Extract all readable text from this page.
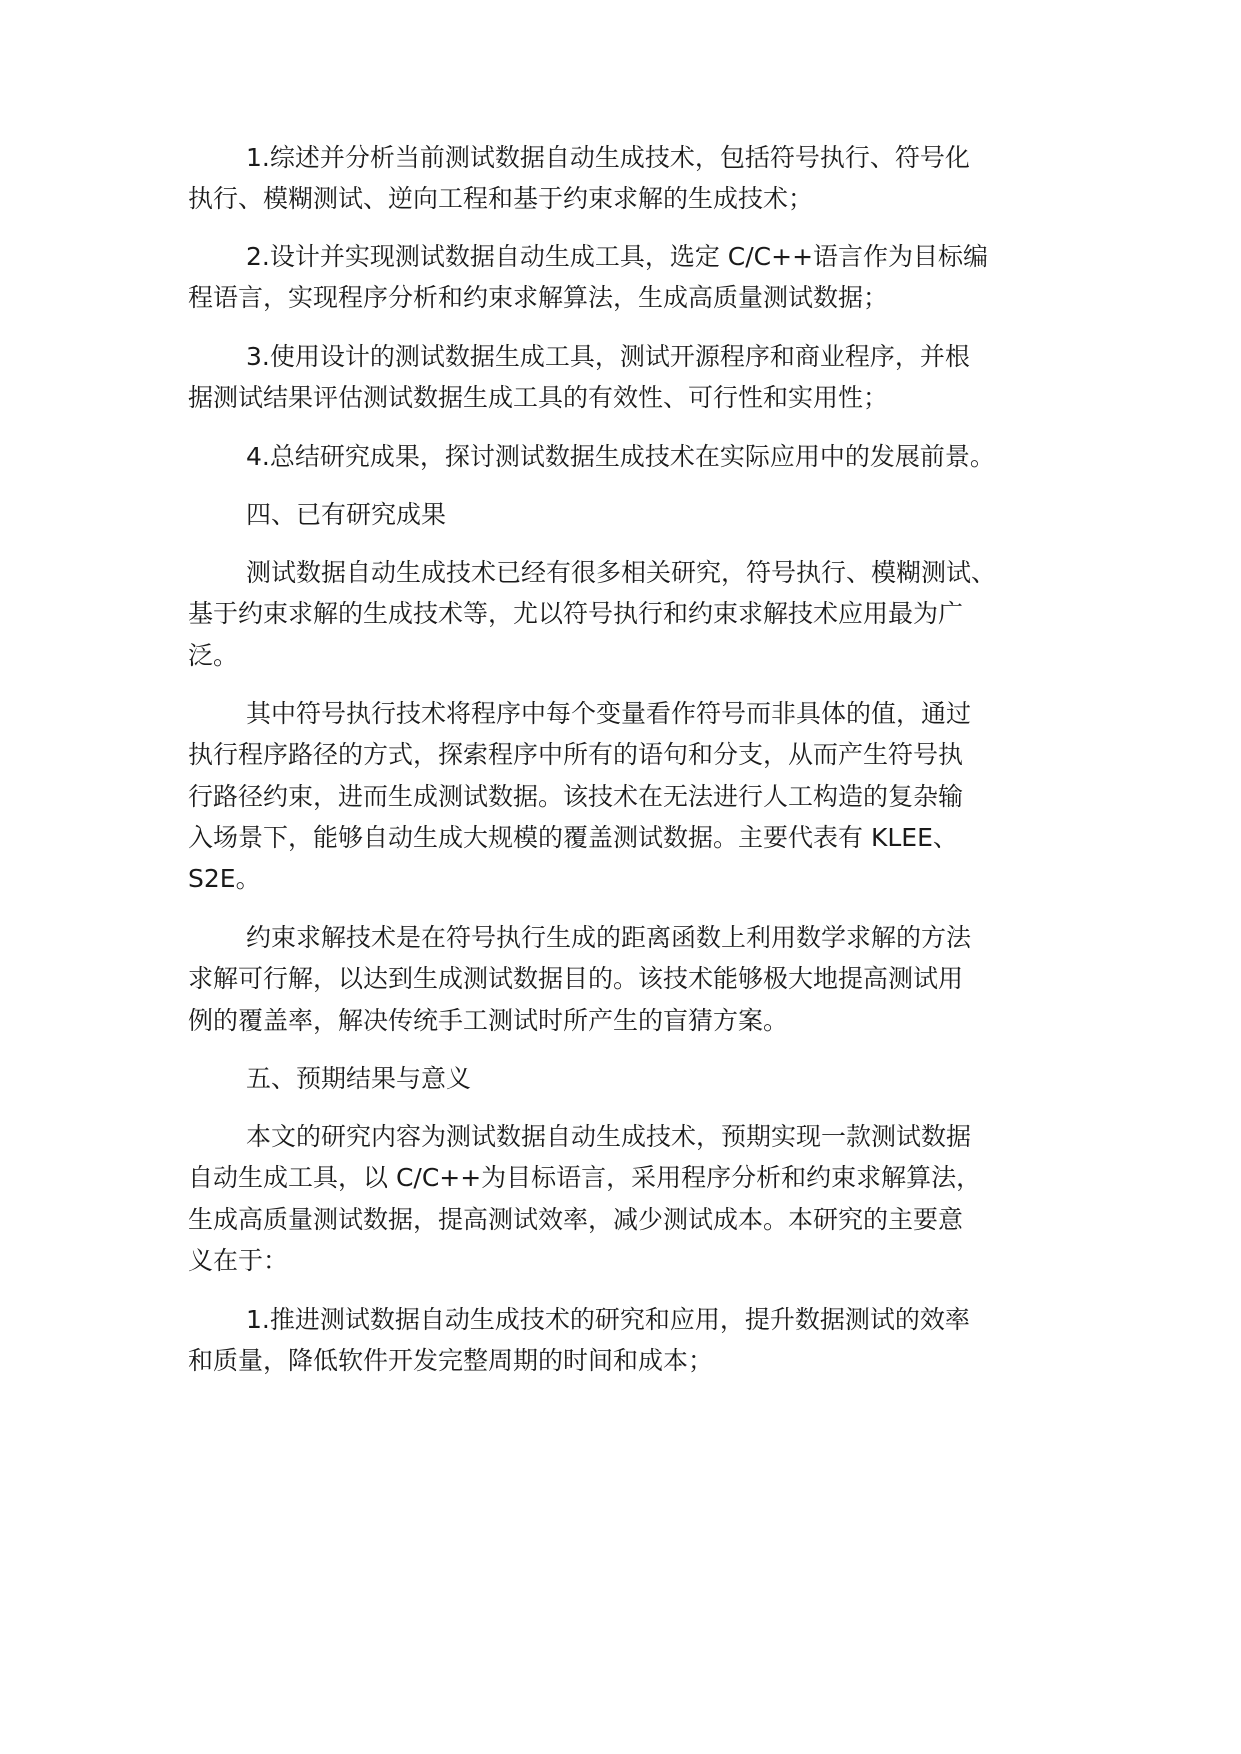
1.综述并分析当前测试数据自动生成技术，包括符号执行、符号化
执行、模糊测试、逆向工程和基于约束求解的生成技术；
2.设计并实现测试数据自动生成工具，选定 C/C++语言作为目标编
程语言，实现程序分析和约束求解算法，生成高质量测试数据；
3.使用设计的测试数据生成工具，测试开源程序和商业程序，并根
据测试结果评估测试数据生成工具的有效性、可行性和实用性；
4.总结研究成果，探讨测试数据生成技术在实际应用中的发展前景。
四、已有研究成果
测试数据自动生成技术已经有很多相关研究，符号执行、模糊测试、
基于约束求解的生成技术等，尤以符号执行和约束求解技术应用最为广
泛。
其中符号执行技术将程序中每个变量看作符号而非具体的值，通过
执行程序路径的方式，探索程序中所有的语句和分支，从而产生符号执
行路径约束，进而生成测试数据。该技术在无法进行人工构造的复杂输
入场景下，能够自动生成大规模的覆盖测试数据。主要代表有 KLEE、
S2E。
约束求解技术是在符号执行生成的距离函数上利用数学求解的方法
求解可行解，以达到生成测试数据目的。该技术能够极大地提高测试用
例的覆盖率，解决传统手工测试时所产生的盲猜方案。
五、预期结果与意义
本文的研究内容为测试数据自动生成技术，预期实现一款测试数据
自动生成工具，以 C/C++为目标语言，采用程序分析和约束求解算法，
生成高质量测试数据，提高测试效率，减少测试成本。本研究的主要意
义在于：
1.推进测试数据自动生成技术的研究和应用，提升数据测试的效率
和质量，降低软件开发完整周期的时间和成本；
